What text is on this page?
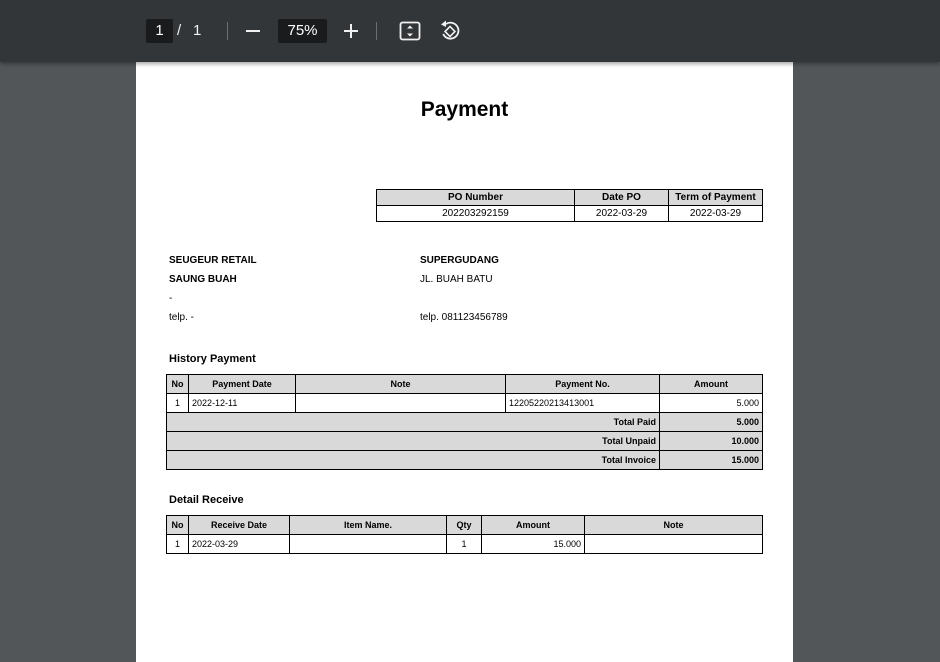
1 / 1	75%
Payment
PO Number	Date PO	Term of Payment
202203292159	2022-03-29	2022-03-29
SEUGEUR RETAIL
SAUNG BUAH
-
telp. -
SUPERGUDANG
JL. BUAH BATU
telp. 081123456789
History Payment
No	Payment Date	Note	Payment No.	Amount
1	2022-12-11		12205220213413001	5.000
Total Paid				5.000
Total Unpaid				10.000
Total Invoice				15.000
Detail Receive
No	Receive Date	Item Name.	Qty	Amount	Note
1	2022-03-29		1	15.000	
